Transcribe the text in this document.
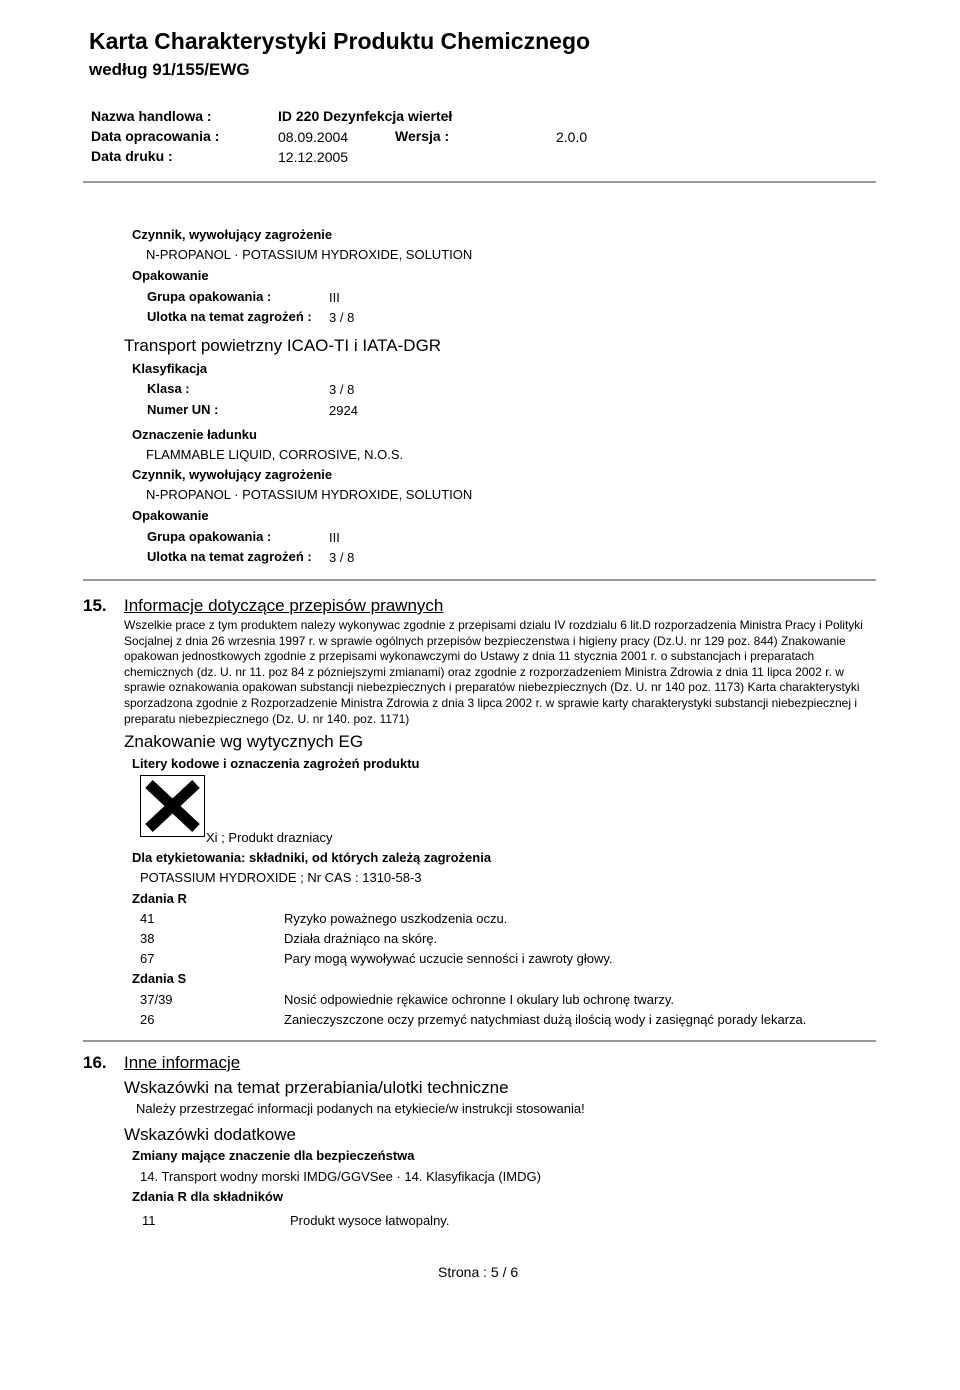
Karta Charakterystyki Produktu Chemicznego
według 91/155/EWG
Nazwa handlowa :	ID 220 Dezynfekcja wierteł
Data opracowania :	08.09.2004	Wersja :	2.0.0
Data druku :	12.12.2005
Czynnik, wywołujący zagrożenie
N-PROPANOL · POTASSIUM HYDROXIDE, SOLUTION
Opakowanie
Grupa opakowania :	III
Ulotka na temat zagrożeń : 3 / 8
Transport powietrzny ICAO-TI i IATA-DGR
Klasyfikacja
Klasa :	3 / 8
Numer UN :	2924
Oznaczenie ładunku
FLAMMABLE LIQUID, CORROSIVE, N.O.S.
Czynnik, wywołujący zagrożenie
N-PROPANOL · POTASSIUM HYDROXIDE, SOLUTION
Opakowanie
Grupa opakowania :	III
Ulotka na temat zagrożeń : 3 / 8
15. Informacje dotyczące przepisów prawnych
Wszelkie prace z tym produktem nalezy wykonywac zgodnie z przepisami dzialu IV rozdzialu 6 lit.D rozporzadzenia Ministra Pracy i Polityki Socjalnej z dnia 26 wrzesnia 1997 r. w sprawie ogólnych przepisów bezpieczenstwa i higieny pracy (Dz.U. nr 129 poz. 844) Znakowanie opakowan jednostkowych zgodnie z przepisami wykonawczymi do Ustawy z dnia 11 stycznia 2001 r. o substancjach i preparatach chemicznych (dz. U. nr 11. poz 84 z pózniejszymi zmianami) oraz zgodnie z rozporzadzeniem Ministra Zdrowia z dnia 11 lipca 2002 r. w sprawie oznakowania opakowan substancji niebezpiecznych i preparatów niebezpiecznych (Dz. U. nr 140 poz. 1173) Karta charakterystyki sporzadzona zgodnie z Rozporzadzenie Ministra Zdrowia z dnia 3 lipca 2002 r. w sprawie karty charakterystyki substancji niebezpiecznej i preparatu niebezpiecznego (Dz. U. nr 140. poz. 1171)
Znakowanie wg wytycznych EG
Litery kodowe i oznaczenia zagrożeń produktu
Xi ; Produkt drazniacy
Dla etykietowania: składniki, od których zależą zagrożenia
POTASSIUM HYDROXIDE ; Nr CAS : 1310-58-3
Zdania R
41	Ryzyko poważnego uszkodzenia oczu.
38	Działa drażniąco na skórę.
67	Pary mogą wywoływać uczucie senności i zawroty głowy.
Zdania S
37/39	Nosić odpowiednie rękawice ochronne I okulary lub ochronę twarzy.
26	Zanieczyszczone oczy przemyć natychmiast dużą ilością wody i zasięgnąć porady lekarza.
16. Inne informacje
Wskazówki na temat przerabiania/ulotki techniczne
Należy przestrzegać informacji podanych na etykiecie/w instrukcji stosowania!
Wskazówki dodatkowe
Zmiany mające znaczenie dla bezpieczeństwa
14. Transport wodny morski IMDG/GGVSee · 14. Klasyfikacja (IMDG)
Zdania R dla składników
11	Produkt wysoce łatwopalny.
Strona : 5 / 6
